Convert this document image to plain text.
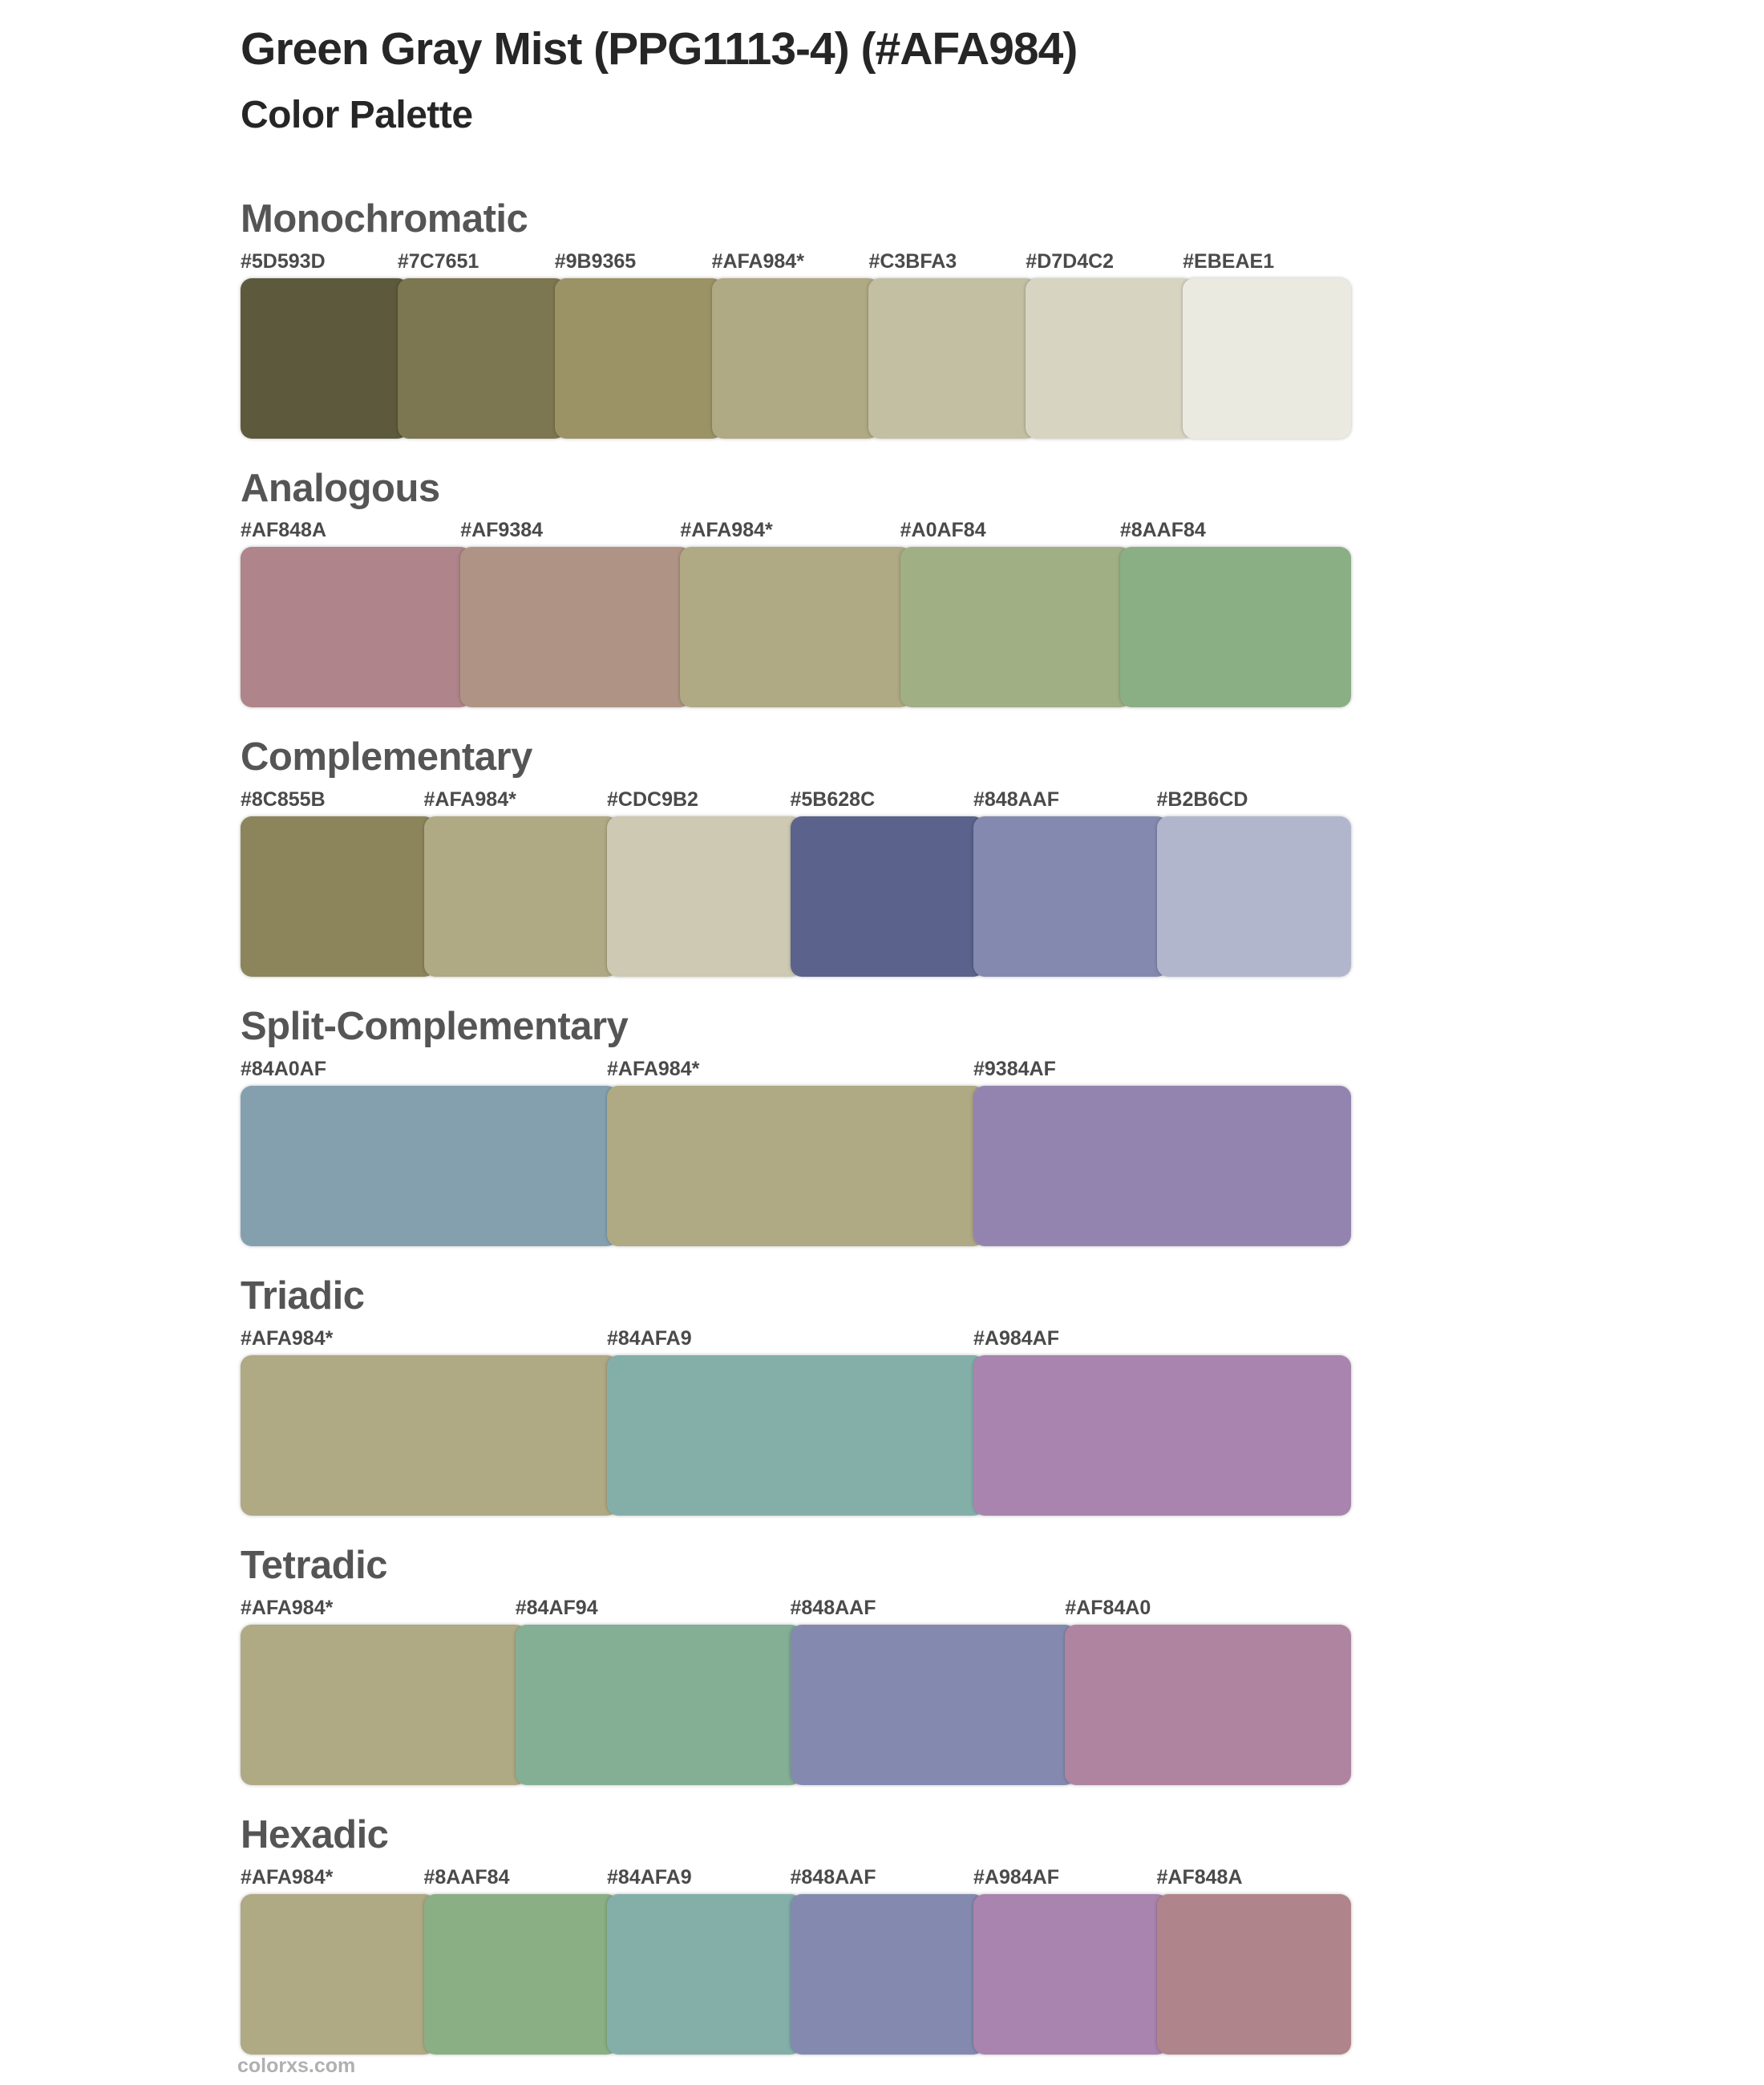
Green Gray Mist (PPG1113-4) (#AFA984)
Color Palette
Monochromatic
#5D593D	#7C7651	#9B9365	#AFA984*	#C3BFA3	#D7D4C2	#EBEAE1
Analogous
#AF848A	#AF9384	#AFA984*	#A0AF84	#8AAF84
Complementary
#8C855B	#AFA984*	#CDC9B2	#5B628C	#848AAF	#B2B6CD
Split-Complementary
#84A0AF	#AFA984*	#9384AF
Triadic
#AFA984*	#84AFA9	#A984AF
Tetradic
#AFA984*	#84AF94	#848AAF	#AF84A0
Hexadic
#AFA984*	#8AAF84	#84AFA9	#848AAF	#A984AF	#AF848A
colorxs.com
